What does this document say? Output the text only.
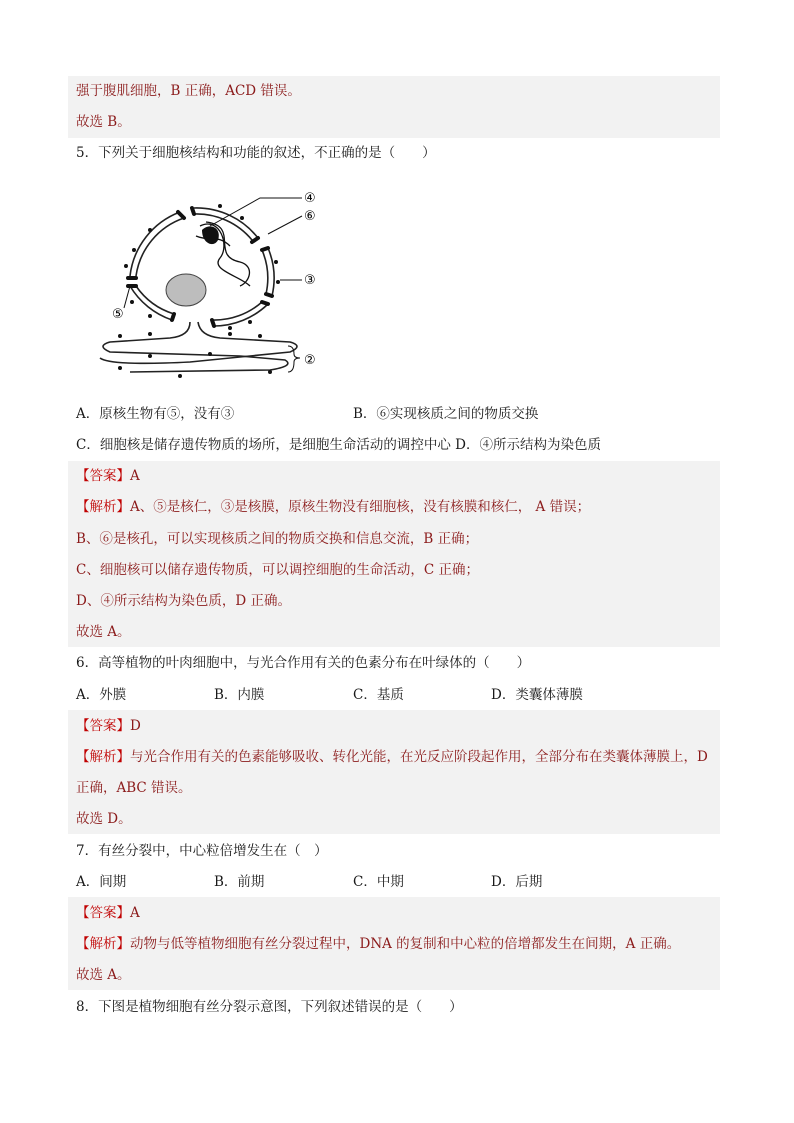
强于腹肌细胞，B 正确，ACD 错误。
故选 B。
5．下列关于细胞核结构和功能的叙述，不正确的是（　　）
④
⑥
③
⑤
②
A．原核生物有⑤，没有③	B．⑥实现核质之间的物质交换
C．细胞核是储存遗传物质的场所，是细胞生命活动的调控中心 D．④所示结构为染色质
【答案】A
【解析】A、⑤是核仁，③是核膜，原核生物没有细胞核，没有核膜和核仁， A 错误；
B、⑥是核孔，可以实现核质之间的物质交换和信息交流，B 正确；
C、细胞核可以储存遗传物质，可以调控细胞的生命活动，C 正确；
D、④所示结构为染色质，D 正确。
故选 A。
6．高等植物的叶肉细胞中，与光合作用有关的色素分布在叶绿体的（　　）
A．外膜	B．内膜	C．基质	D．类囊体薄膜
【答案】D
【解析】与光合作用有关的色素能够吸收、转化光能，在光反应阶段起作用，全部分布在类囊体薄膜上，D
正确，ABC 错误。
故选 D。
7．有丝分裂中，中心粒倍增发生在（　）
A．间期	B．前期	C．中期	D．后期
【答案】A
【解析】动物与低等植物细胞有丝分裂过程中，DNA 的复制和中心粒的倍增都发生在间期，A 正确。
故选 A。
8．下图是植物细胞有丝分裂示意图，下列叙述错误的是（　　）
